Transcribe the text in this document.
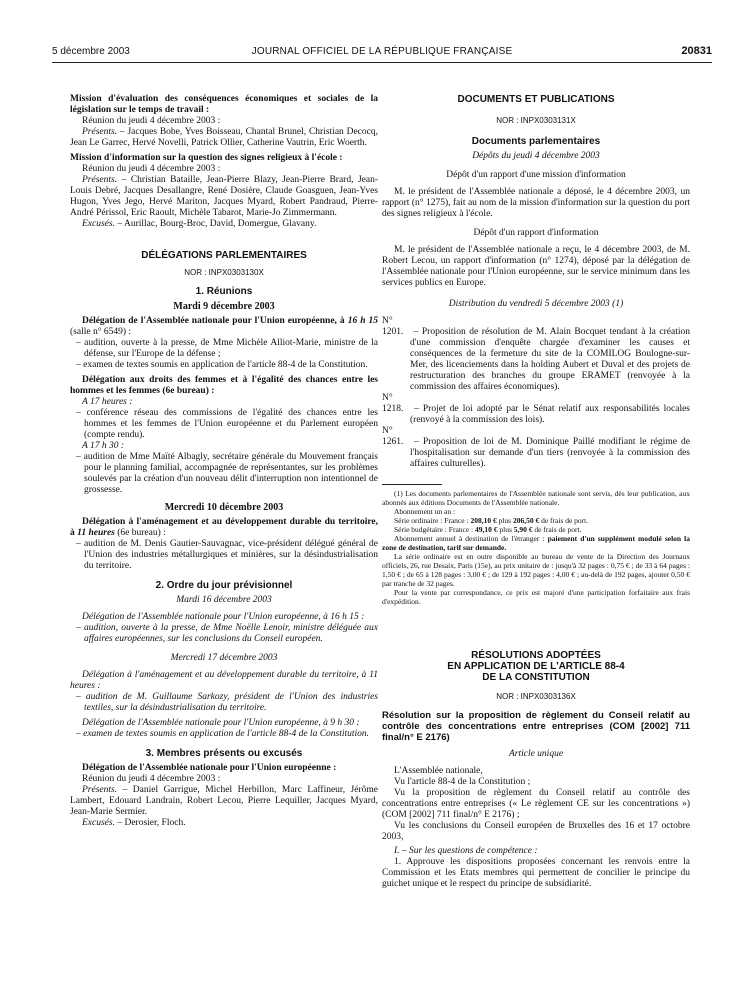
5 décembre 2003	JOURNAL OFFICIEL DE LA RÉPUBLIQUE FRANÇAISE	20831

Mission d'évaluation des conséquences économiques et sociales de la législation sur le temps de travail :

Réunion du jeudi 4 décembre 2003 :

Présents. – Jacques Bobe, Yves Boisseau, Chantal Brunel, Christian Decocq, Jean Le Garrec, Hervé Novelli, Patrick Ollier, Catherine Vautrin, Eric Woerth.

Mission d'information sur la question des signes religieux à l'école :

Réunion du jeudi 4 décembre 2003 :

Présents. – Christian Bataille, Jean-Pierre Blazy, Jean-Pierre Brard, Jean-Louis Debré, Jacques Desallangre, René Dosière, Claude Goasguen, Jean-Yves Hugon, Yves Jego, Hervé Mariton, Jacques Myard, Robert Pandraud, Pierre-André Périssol, Eric Raoult, Michèle Tabarot, Marie-Jo Zimmermann.

Excusés. – Aurillac, Bourg-Broc, David, Domergue, Glavany.

DÉLÉGATIONS PARLEMENTAIRES

NOR : INPX0303130X

1. Réunions

Mardi 9 décembre 2003

Délégation de l'Assemblée nationale pour l'Union européenne, à 16 h 15 (salle n° 6549) :

– audition, ouverte à la presse, de Mme Michèle Alliot-Marie, ministre de la défense, sur l'Europe de la défense ;

– examen de textes soumis en application de l'article 88-4 de la Constitution.

Délégation aux droits des femmes et à l'égalité des chances entre les hommes et les femmes (6e bureau) :

A 17 heures :

– conférence réseau des commissions de l'égalité des chances entre les hommes et les femmes de l'Union européenne et du Parlement européen (compte rendu).

A 17 h 30 :

– audition de Mme Maïté Albagly, secrétaire générale du Mouvement français pour le planning familial, accompagnée de représentantes, sur les problèmes soulevés par la création d'un nouveau délit d'interruption non intentionnel de grossesse.

Mercredi 10 décembre 2003

Délégation à l'aménagement et au développement durable du territoire, à 11 heures (6e bureau) :

– audition de M. Denis Gautier-Sauvagnac, vice-président délégué général de l'Union des industries métallurgiques et minières, sur la désindustrialisation du territoire.

2. Ordre du jour prévisionnel

Mardi 16 décembre 2003

Délégation de l'Assemblée nationale pour l'Union européenne, à 16 h 15 :

– audition, ouverte à la presse, de Mme Noëlle Lenoir, ministre déléguée aux affaires européennes, sur les conclusions du Conseil européen.

Mercredi 17 décembre 2003

Délégation à l'aménagement et au développement durable du territoire, à 11 heures :

– audition de M. Guillaume Sarkozy, président de l'Union des industries textiles, sur la désindustrialisation du territoire.

Délégation de l'Assemblée nationale pour l'Union européenne, à 9 h 30 :

– examen de textes soumis en application de l'article 88-4 de la Constitution.

3. Membres présents ou excusés

Délégation de l'Assemblée nationale pour l'Union européenne :

Réunion du jeudi 4 décembre 2003 :

Présents. – Daniel Garrigue, Michel Herbillon, Marc Laffineur, Jérôme Lambert, Edouard Landrain, Robert Lecou, Pierre Lequiller, Jacques Myard, Jean-Marie Sermier.

Excusés. – Derosier, Floch.

DOCUMENTS ET PUBLICATIONS

NOR : INPX0303131X

Documents parlementaires

Dépôts du jeudi 4 décembre 2003

Dépôt d'un rapport d'une mission d'information

M. le président de l'Assemblée nationale a déposé, le 4 décembre 2003, un rapport (n° 1275), fait au nom de la mission d'information sur la question du port des signes religieux à l'école.

Dépôt d'un rapport d'information

M. le président de l'Assemblée nationale a reçu, le 4 décembre 2003, de M. Robert Lecou, un rapport d'information (n° 1274), déposé par la délégation de l'Assemblée nationale pour l'Union européenne, sur le service minimum dans les services publics en Europe.

Distribution du vendredi 5 décembre 2003 (1)

N° 1201. – Proposition de résolution de M. Alain Bocquet tendant à la création d'une commission d'enquête chargée d'examiner les causes et conséquences de la fermeture du site de la COMILOG Boulogne-sur-Mer, des licenciements dans la holding Aubert et Duval et des projets de restructuration des branches du groupe ERAMET (renvoyée à la commission des affaires économiques).

N° 1218. – Projet de loi adopté par le Sénat relatif aux responsabilités locales (renvoyé à la commission des lois).

N° 1261. – Proposition de loi de M. Dominique Paillé modifiant le régime de l'hospitalisation sur demande d'un tiers (renvoyée à la commission des affaires culturelles).

(1) Les documents parlementaires de l'Assemblée nationale sont servis, dès leur publication, aux abonnés aux éditions Documents de l'Assemblée nationale.

Abonnement un an :

Série ordinaire : France : 208,10 € plus 206,50 € de frais de port.

Série budgétaire : France : 49,10 € plus 5,90 € de frais de port.

Abonnement annuel à destination de l'étranger : paiement d'un supplément modulé selon la zone de destination, tarif sur demande.

La série ordinaire est en outre disponible au bureau de vente de la Direction des Journaux officiels, 26, rue Desaix, Paris (15e), au prix unitaire de : jusqu'à 32 pages : 0,75 € ; de 33 à 64 pages : 1,50 € ; de 65 à 128 pages : 3,00 € ; de 129 à 192 pages : 4,00 € ; au-delà de 192 pages, ajouter 0,50 € par tranche de 32 pages.

Pour la vente par correspondance, ce prix est majoré d'une participation forfaitaire aux frais d'expédition.

RÉSOLUTIONS ADOPTÉES

EN APPLICATION DE L'ARTICLE 88-4

DE LA CONSTITUTION

NOR : INPX0303136X

Résolution sur la proposition de règlement du Conseil relatif au contrôle des concentrations entre entreprises (COM [2002] 711 final/n° E 2176)

Article unique

L'Assemblée nationale,

Vu l'article 88-4 de la Constitution ;

Vu la proposition de règlement du Conseil relatif au contrôle des concentrations entre entreprises (« Le règlement CE sur les concentrations ») (COM [2002] 711 final/n° E 2176) ;

Vu les conclusions du Conseil européen de Bruxelles des 16 et 17 octobre 2003,

I. – Sur les questions de compétence :

1. Approuve les dispositions proposées concernant les renvois entre la Commission et les Etats membres qui permettent de concilier le principe du guichet unique et le respect du principe de subsidiarité.
